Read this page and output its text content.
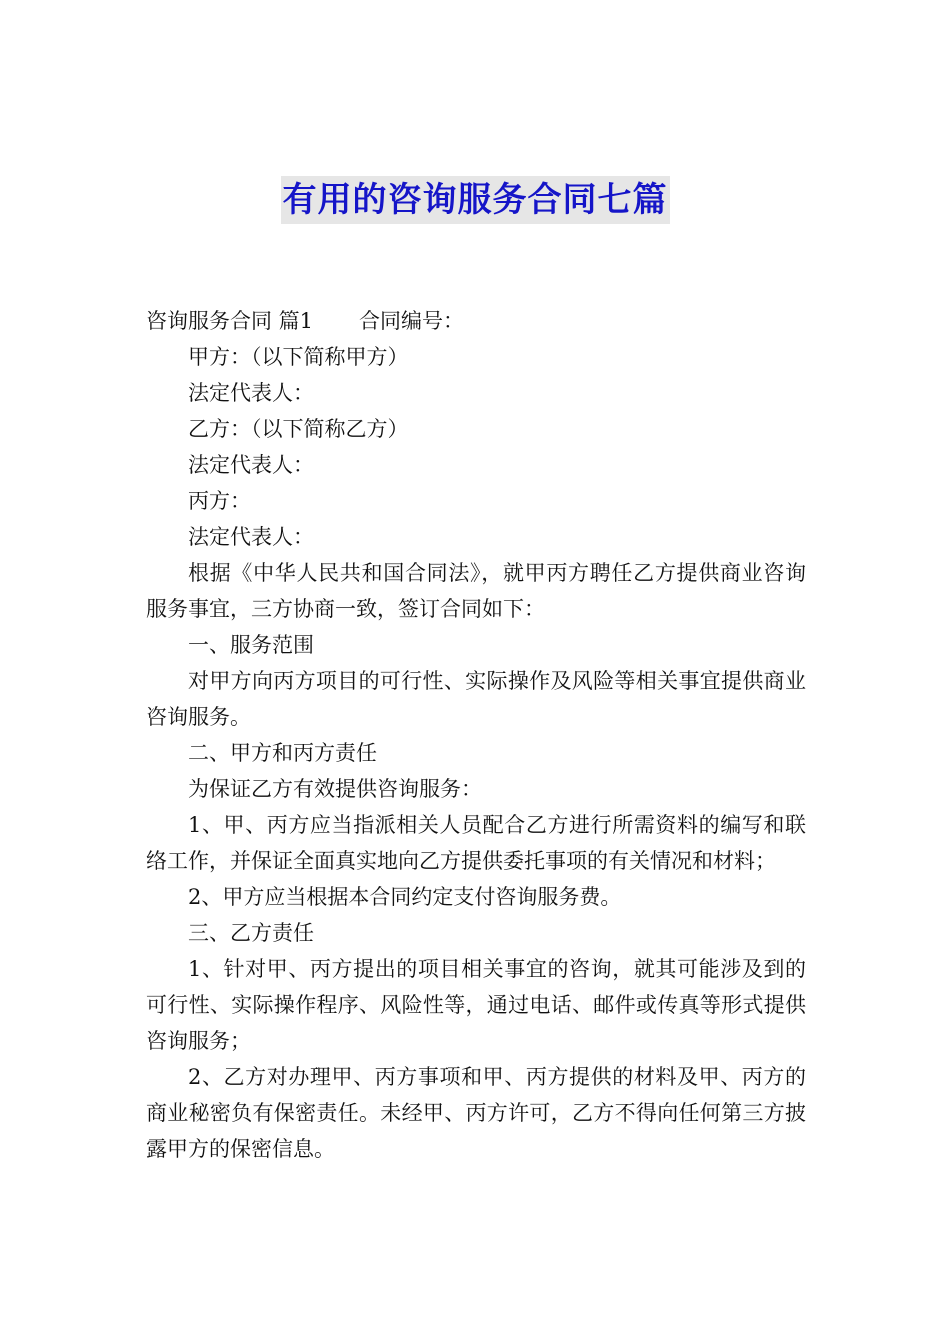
有用的咨询服务合同七篇

咨询服务合同 篇1 合同编号：

甲方：（以下简称甲方）

法定代表人：

乙方：（以下简称乙方）

法定代表人：

丙方：

法定代表人：

根据《中华人民共和国合同法》，就甲丙方聘任乙方提供商业咨询服务事宜，三方协商一致，签订合同如下：

一、服务范围

对甲方向丙方项目的可行性、实际操作及风险等相关事宜提供商业咨询服务。

二、甲方和丙方责任

为保证乙方有效提供咨询服务：

1、甲、丙方应当指派相关人员配合乙方进行所需资料的编写和联络工作，并保证全面真实地向乙方提供委托事项的有关情况和材料；

2、甲方应当根据本合同约定支付咨询服务费。

三、乙方责任

1、针对甲、丙方提出的项目相关事宜的咨询，就其可能涉及到的可行性、实际操作程序、风险性等，通过电话、邮件或传真等形式提供咨询服务；

2、乙方对办理甲、丙方事项和甲、丙方提供的材料及甲、丙方的商业秘密负有保密责任。未经甲、丙方许可，乙方不得向任何第三方披露甲方的保密信息。
